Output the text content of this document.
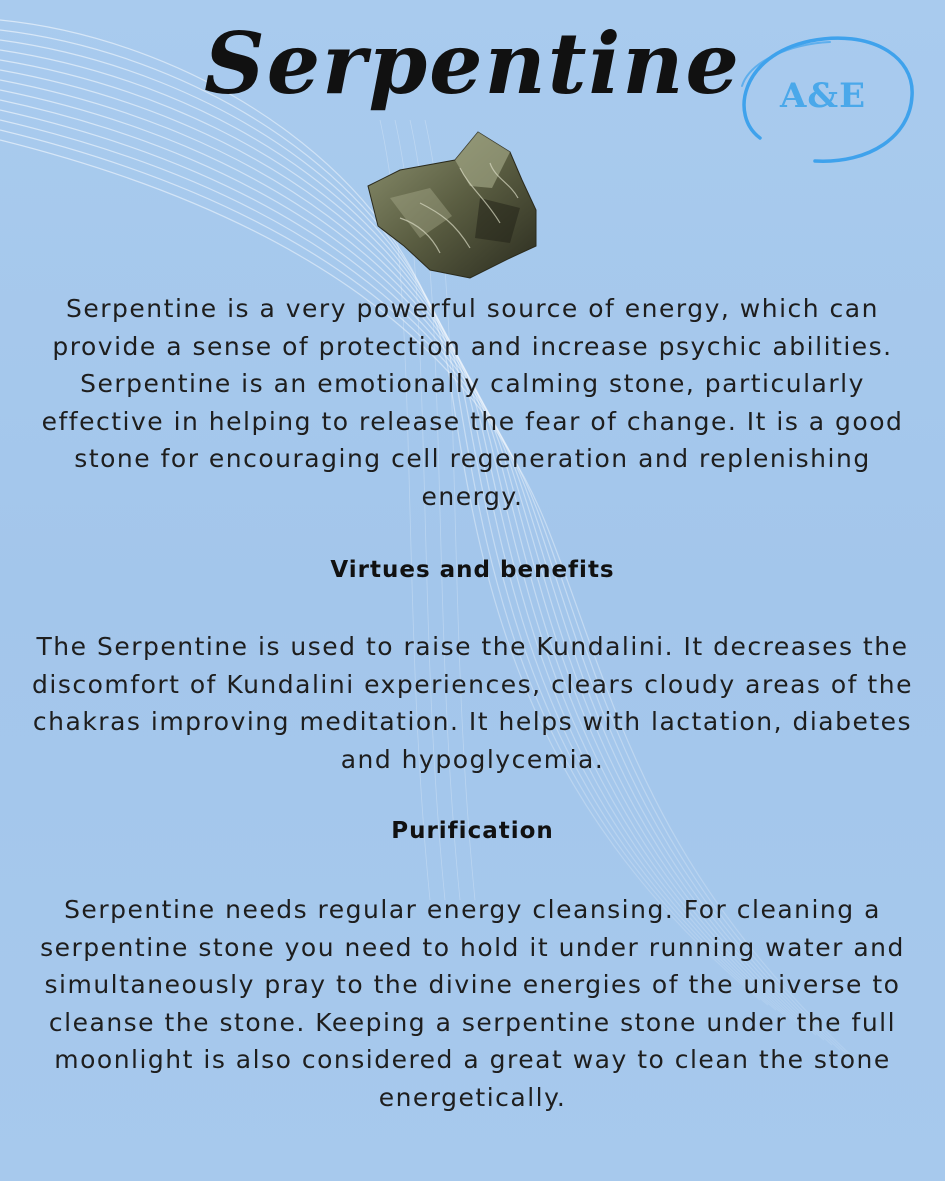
Serpentine	A&E

Serpentine is a very powerful source of energy, which can provide a sense of protection and increase psychic abilities. Serpentine is an emotionally calming stone, particularly effective in helping to release the fear of change. It is a good stone for encouraging cell regeneration and replenishing energy.

Virtues and benefits

The Serpentine is used to raise the Kundalini. It decreases the discomfort of Kundalini experiences, clears cloudy areas of the chakras improving meditation. It helps with lactation, diabetes and hypoglycemia.

Purification

Serpentine needs regular energy cleansing. For cleaning a serpentine stone you need to hold it under running water and simultaneously pray to the divine energies of the universe to cleanse the stone. Keeping a serpentine stone under the full moonlight is also considered a great way to clean the stone energetically.
